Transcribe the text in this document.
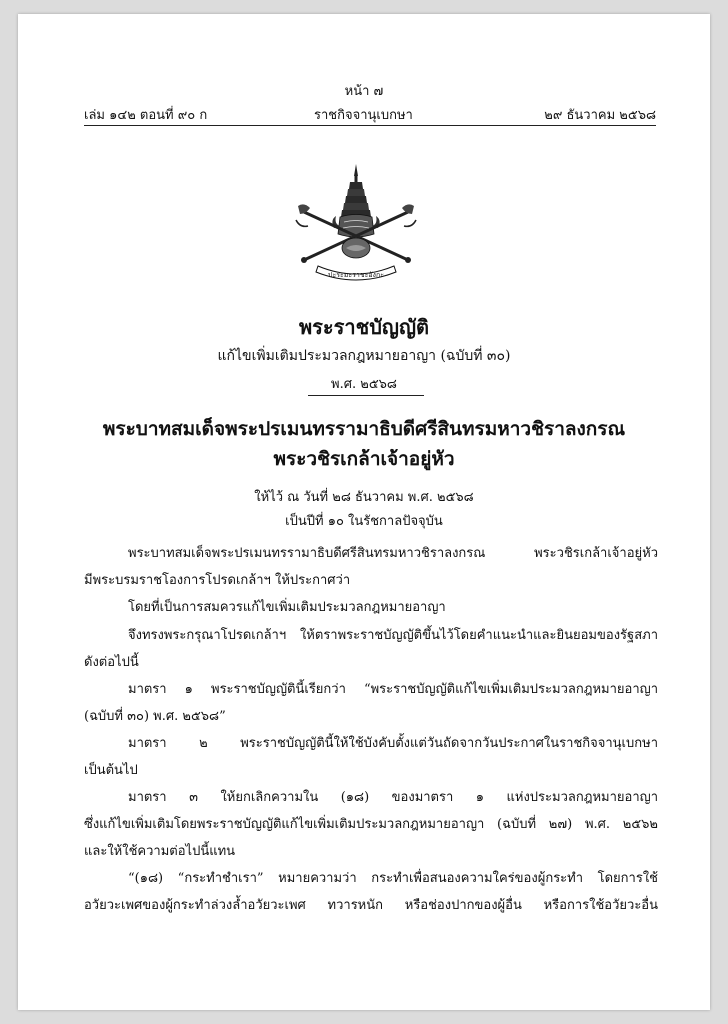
หน้า ๗
เล่ม ๑๔๒ ตอนที่ ๙๐ ก	ราชกิจจานุเบกษา	๒๙ ธันวาคม ๒๕๖๘
ปะระมะราชะอังกะ
พระราชบัญญัติ
แก้ไขเพิ่มเติมประมวลกฎหมายอาญา (ฉบับที่ ๓๐)
พ.ศ. ๒๕๖๘
พระบาทสมเด็จพระปรเมนทรรามาธิบดีศรีสินทรมหาวชิราลงกรณ
พระวชิรเกล้าเจ้าอยู่หัว
ให้ไว้ ณ วันที่ ๒๘ ธันวาคม พ.ศ. ๒๕๖๘
เป็นปีที่ ๑๐ ในรัชกาลปัจจุบัน
พระบาทสมเด็จพระปรเมนทรรามาธิบดีศรีสินทรมหาวชิราลงกรณ พระวชิรเกล้าเจ้าอยู่หัว
มีพระบรมราชโองการโปรดเกล้าฯ ให้ประกาศว่า
โดยที่เป็นการสมควรแก้ไขเพิ่มเติมประมวลกฎหมายอาญา
จึงทรงพระกรุณาโปรดเกล้าฯ ให้ตราพระราชบัญญัติขึ้นไว้โดยคำแนะนำและยินยอมของรัฐสภา
ดังต่อไปนี้
มาตรา ๑ พระราชบัญญัตินี้เรียกว่า “พระราชบัญญัติแก้ไขเพิ่มเติมประมวลกฎหมายอาญา
(ฉบับที่ ๓๐) พ.ศ. ๒๕๖๘”
มาตรา ๒ พระราชบัญญัตินี้ให้ใช้บังคับตั้งแต่วันถัดจากวันประกาศในราชกิจจานุเบกษา
เป็นต้นไป
มาตรา ๓ ให้ยกเลิกความใน (๑๘) ของมาตรา ๑ แห่งประมวลกฎหมายอาญา
ซึ่งแก้ไขเพิ่มเติมโดยพระราชบัญญัติแก้ไขเพิ่มเติมประมวลกฎหมายอาญา (ฉบับที่ ๒๗) พ.ศ. ๒๕๖๒
และให้ใช้ความต่อไปนี้แทน
“(๑๘) “กระทำชำเรา” หมายความว่า กระทำเพื่อสนองความใคร่ของผู้กระทำ โดยการใช้
อวัยวะเพศของผู้กระทำล่วงล้ำอวัยวะเพศ ทวารหนัก หรือช่องปากของผู้อื่น หรือการใช้อวัยวะอื่น
